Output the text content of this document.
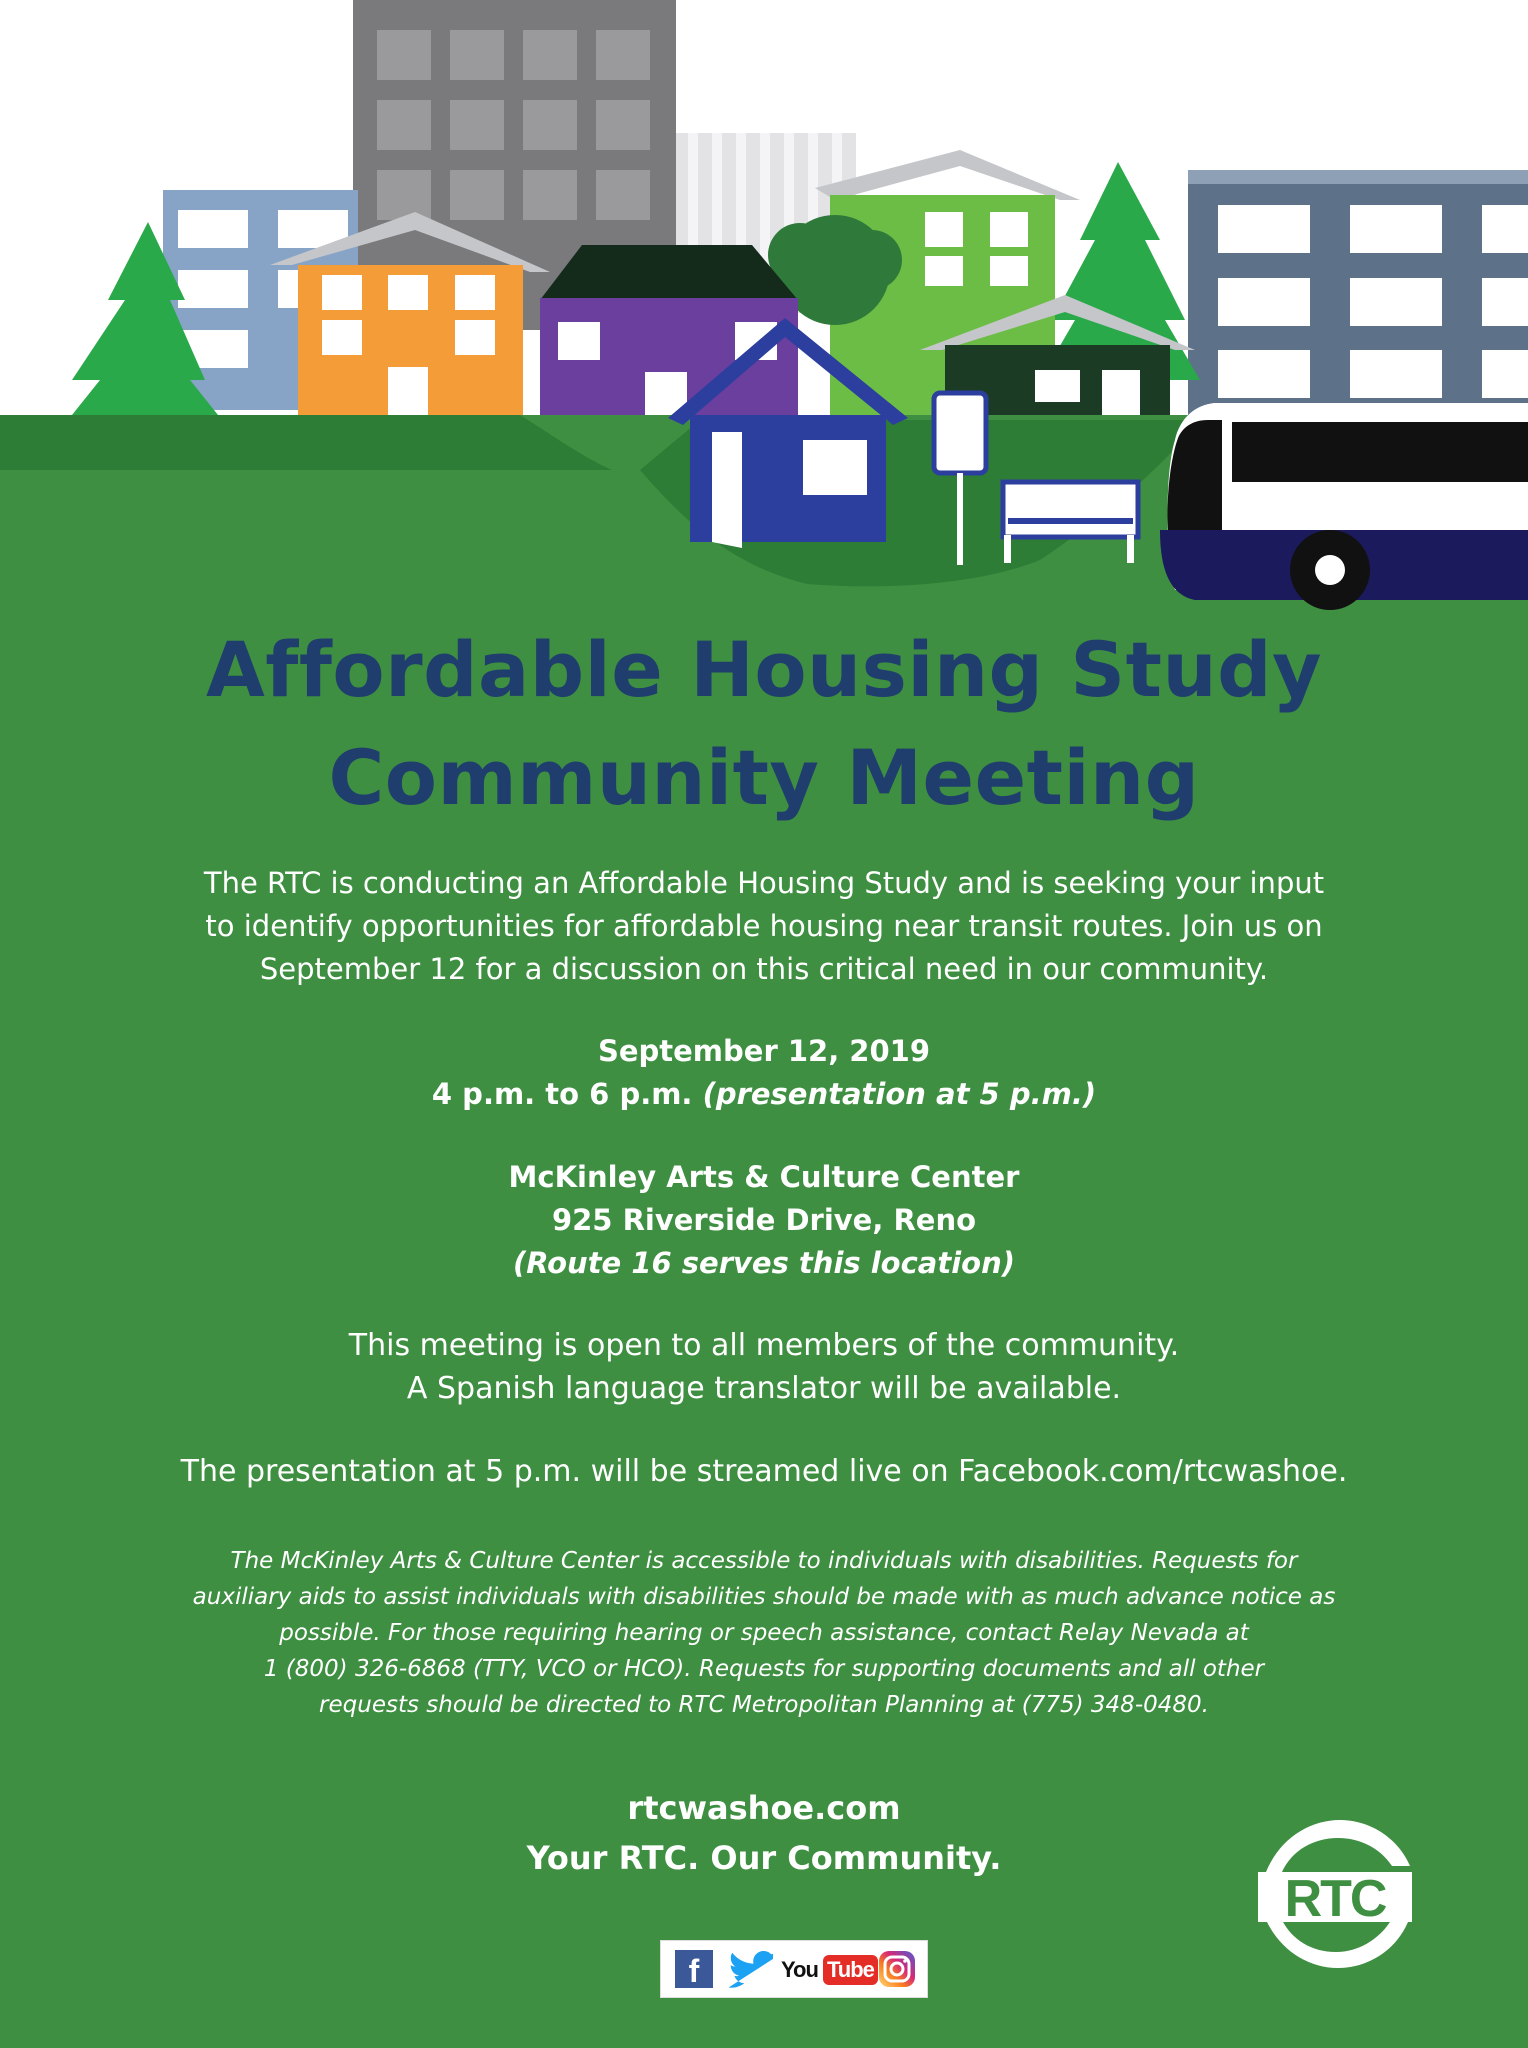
Affordable Housing Study
Community Meeting
The RTC is conducting an Affordable Housing Study and is seeking your input
to identify opportunities for affordable housing near transit routes. Join us on
September 12 for a discussion on this critical need in our community.
September 12, 2019
4 p.m. to 6 p.m. (presentation at 5 p.m.)
McKinley Arts & Culture Center
925 Riverside Drive, Reno
(Route 16 serves this location)
This meeting is open to all members of the community.
A Spanish language translator will be available.
The presentation at 5 p.m. will be streamed live on Facebook.com/rtcwashoe.
The McKinley Arts & Culture Center is accessible to individuals with disabilities. Requests for
auxiliary aids to assist individuals with disabilities should be made with as much advance notice as
possible. For those requiring hearing or speech assistance, contact Relay Nevada at
1 (800) 326-6868 (TTY, VCO or HCO). Requests for supporting documents and all other
requests should be directed to RTC Metropolitan Planning at (775) 348-0480.
rtcwashoe.com
Your RTC. Our Community.
f	You Tube
RTC
